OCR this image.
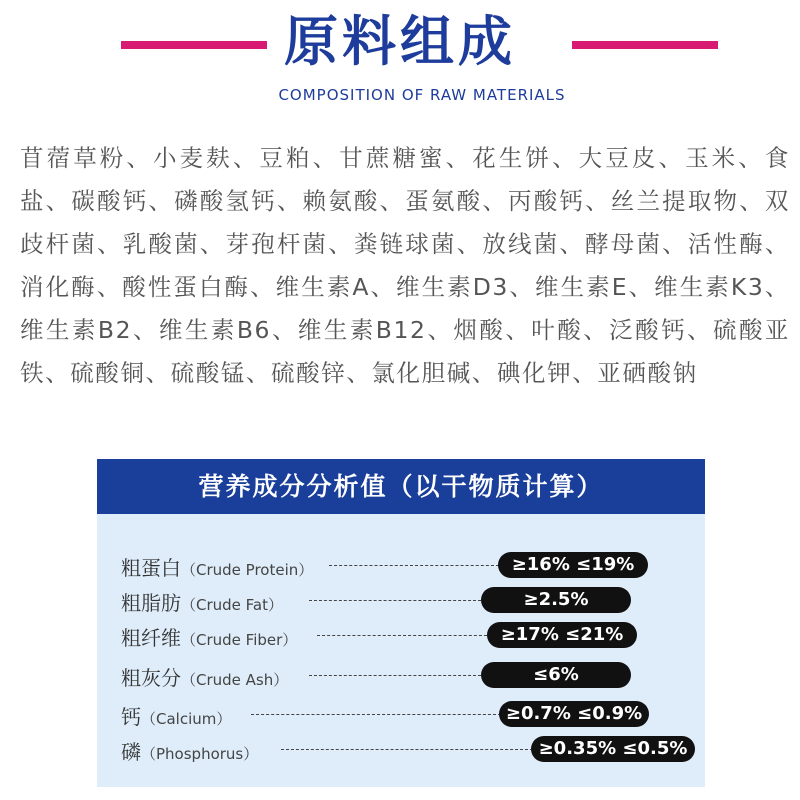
原料组成
COMPOSITION OF RAW MATERIALS

苜蓿草粉、小麦麸、豆粕、甘蔗糖蜜、花生饼、大豆皮、玉米、食盐、碳酸钙、磷酸氢钙、赖氨酸、蛋氨酸、丙酸钙、丝兰提取物、双歧杆菌、乳酸菌、芽孢杆菌、粪链球菌、放线菌、酵母菌、活性酶、消化酶、酸性蛋白酶、维生素A、维生素D3、维生素E、维生素K3、维生素B2、维生素B6、维生素B12、烟酸、叶酸、泛酸钙、硫酸亚铁、硫酸铜、硫酸锰、硫酸锌、氯化胆碱、碘化钾、亚硒酸钠

营养成分分析值（以干物质计算）
粗蛋白（Crude Protein）	≥16% ≤19%
粗脂肪（Crude Fat）	≥2.5%
粗纤维（Crude Fiber）	≥17% ≤21%
粗灰分（Crude Ash）	≤6%
钙（Calcium）	≥0.7% ≤0.9%
磷（Phosphorus）	≥0.35% ≤0.5%
